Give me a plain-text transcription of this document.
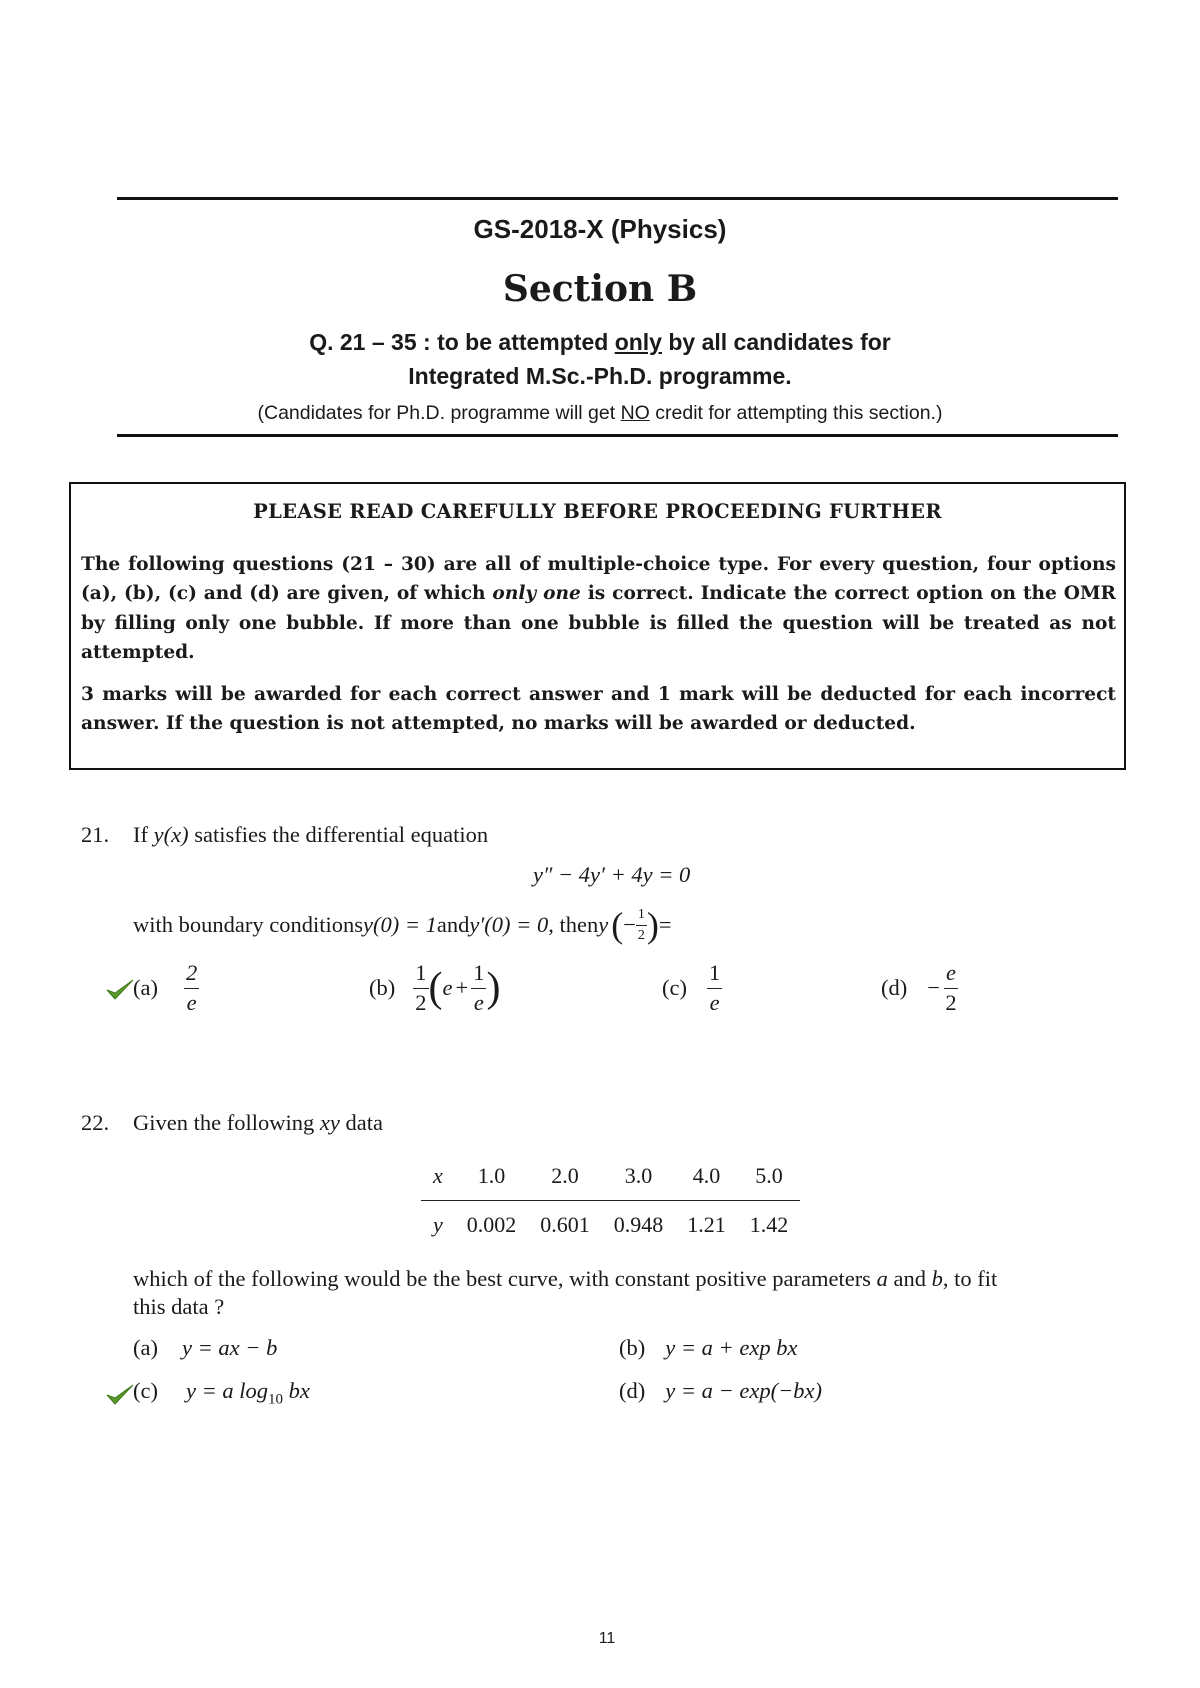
GS-2018-X (Physics)
Section B
Q. 21 – 35 : to be attempted only by all candidates for
Integrated M.Sc.-Ph.D. programme.
(Candidates for Ph.D. programme will get NO credit for attempting this section.)
PLEASE READ CAREFULLY BEFORE PROCEEDING FURTHER
The following questions (21 – 30) are all of multiple-choice type. For every question, four options (a), (b), (c) and (d) are given, of which only one is correct. Indicate the correct option on the OMR by filling only one bubble. If more than one bubble is filled the question will be treated as not attempted.
3 marks will be awarded for each correct answer and 1 mark will be deducted for each incorrect answer. If the question is not attempted, no marks will be awarded or deducted.
21. If y(x) satisfies the differential equation
y″ − 4y′ + 4y = 0
with boundary conditions y(0) = 1 and y′(0) = 0 , then y ( − $\frac{1}{2}$ ) =
$(a) \frac{2}{e}$	$(b) \frac{1}{2}$ ( $e + \frac{1}{e}$ )	$(c) \frac{1}{e}$	$(d) - \frac{e}{2}$
22. Given the following xy data
x	1.0	2.0	3.0	4.0	5.0
y	0.002	0.601	0.948	1.21	1.42
which of the following would be the best curve, with constant positive parameters a and b, to fit
this data ?
(a) y = ax − b	(b) y = a + exp bx
(c) y = a $\log_{10}$ bx	(d) y = a − exp(−bx)
11
